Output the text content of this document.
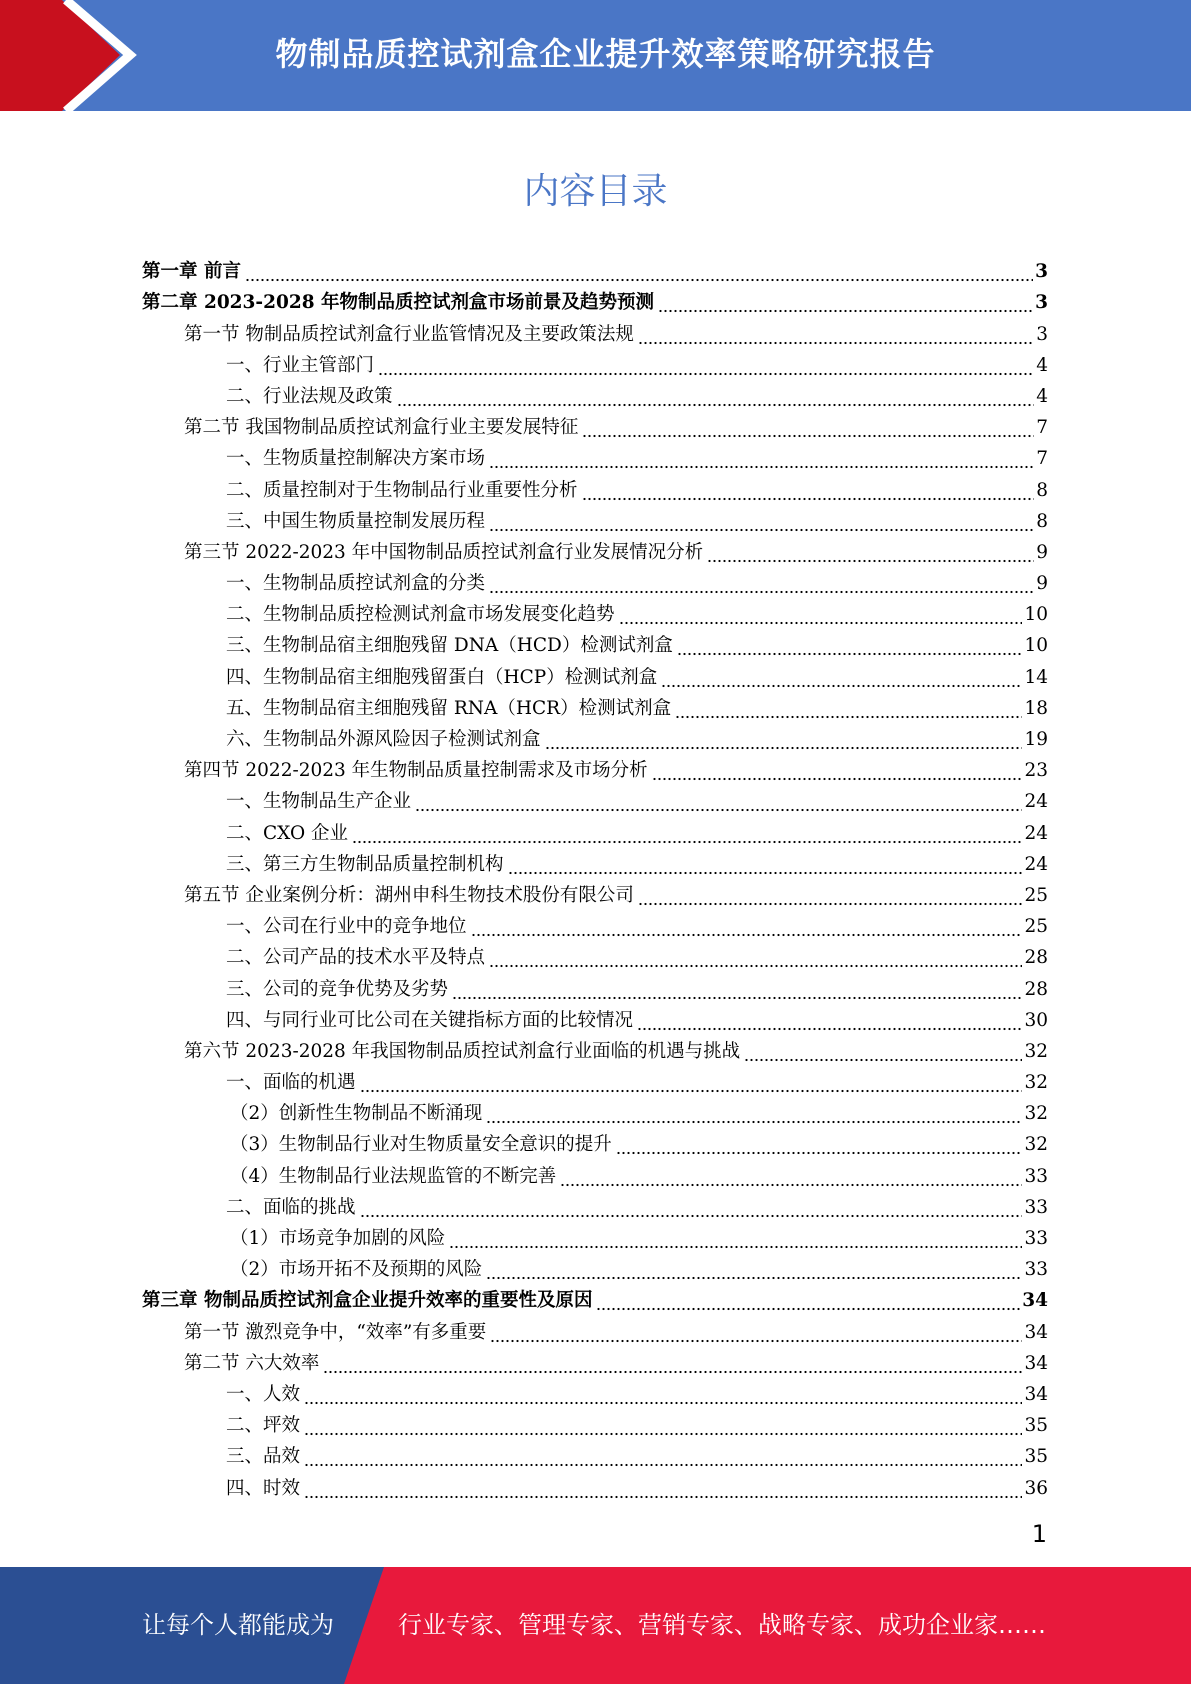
物制品质控试剂盒企业提升效率策略研究报告
内容目录
第一章 前言	3
第二章 2023-2028 年物制品质控试剂盒市场前景及趋势预测	3
第一节 物制品质控试剂盒行业监管情况及主要政策法规	3
一、行业主管部门	4
二、行业法规及政策	4
第二节 我国物制品质控试剂盒行业主要发展特征	7
一、生物质量控制解决方案市场	7
二、质量控制对于生物制品行业重要性分析	8
三、中国生物质量控制发展历程	8
第三节 2022-2023 年中国物制品质控试剂盒行业发展情况分析	9
一、生物制品质控试剂盒的分类	9
二、生物制品质控检测试剂盒市场发展变化趋势	10
三、生物制品宿主细胞残留 DNA（HCD）检测试剂盒	10
四、生物制品宿主细胞残留蛋白（HCP）检测试剂盒	14
五、生物制品宿主细胞残留 RNA（HCR）检测试剂盒	18
六、生物制品外源风险因子检测试剂盒	19
第四节 2022-2023 年生物制品质量控制需求及市场分析	23
一、生物制品生产企业	24
二、CXO 企业	24
三、第三方生物制品质量控制机构	24
第五节 企业案例分析：湖州申科生物技术股份有限公司	25
一、公司在行业中的竞争地位	25
二、公司产品的技术水平及特点	28
三、公司的竞争优势及劣势	28
四、与同行业可比公司在关键指标方面的比较情况	30
第六节 2023-2028 年我国物制品质控试剂盒行业面临的机遇与挑战	32
一、面临的机遇	32
（2）创新性生物制品不断涌现	32
（3）生物制品行业对生物质量安全意识的提升	32
（4）生物制品行业法规监管的不断完善	33
二、面临的挑战	33
（1）市场竞争加剧的风险	33
（2）市场开拓不及预期的风险	33
第三章 物制品质控试剂盒企业提升效率的重要性及原因	34
第一节 激烈竞争中，“效率”有多重要	34
第二节 六大效率	34
一、人效	34
二、坪效	35
三、品效	35
四、时效	36
1
让每个人都能成为	行业专家、管理专家、营销专家、战略专家、成功企业家……
